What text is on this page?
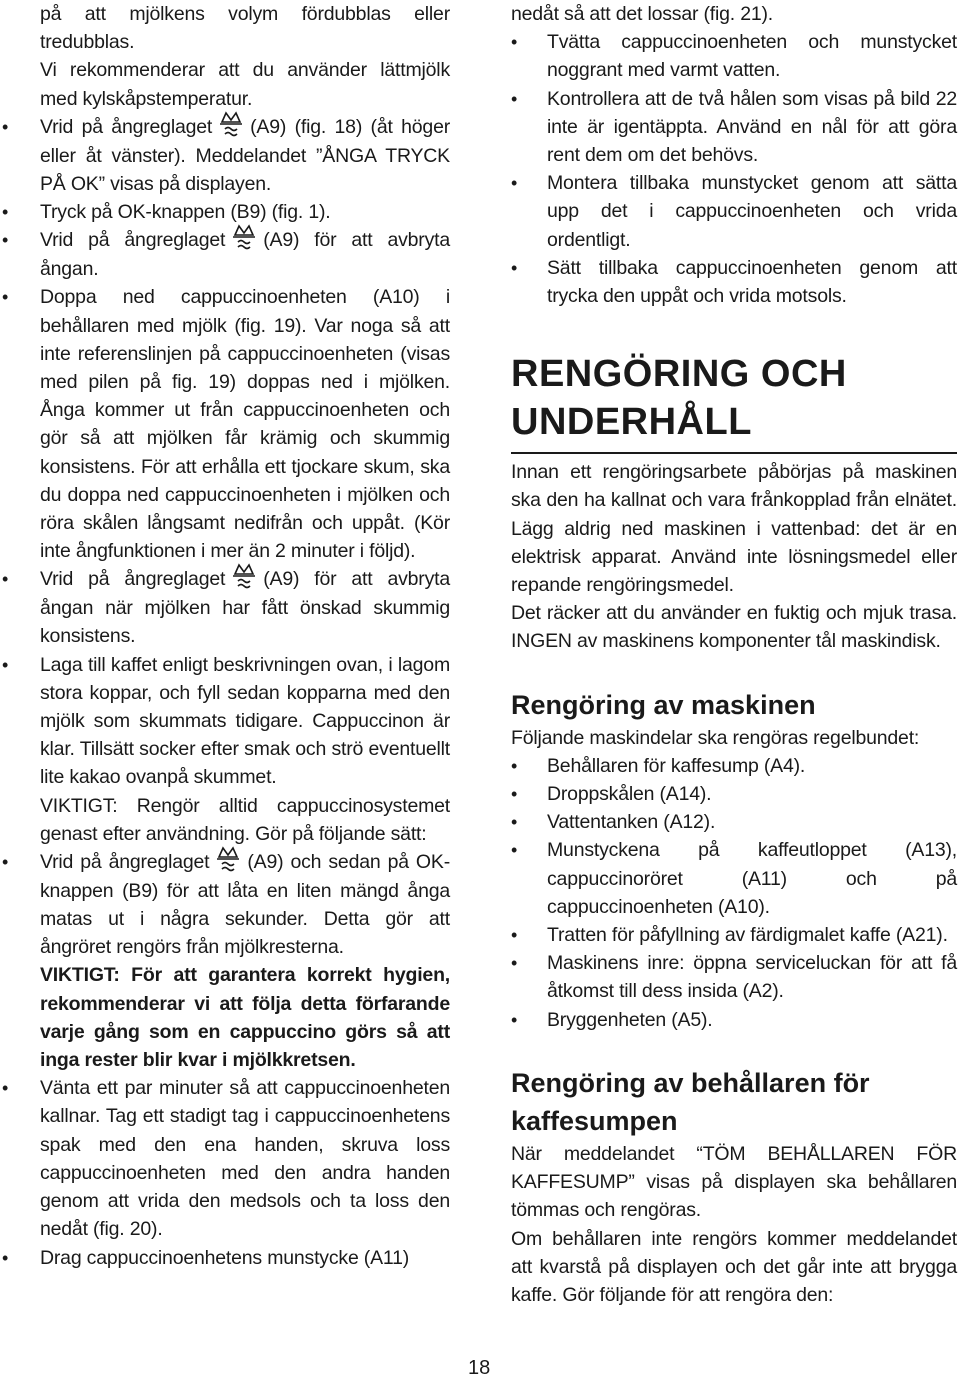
på att mjölkens volym fördubblas eller tredubblas.

Vi rekommenderar att du använder lättmjölk med kylskåpstemperatur.

• Vrid på ångreglaget (A9) (fig. 18) (åt höger eller åt vänster). Meddelandet ”ÅNGA TRYCK PÅ OK” visas på displayen.
• Tryck på OK-knappen (B9) (fig. 1).
• Vrid på ångreglaget (A9) för att avbryta ångan.
• Doppa ned cappuccinoenheten (A10) i behållaren med mjölk (fig. 19). Var noga så att inte referenslinjen på cappuccinoenheten (visas med pilen på fig. 19) doppas ned i mjölken. Ånga kommer ut från cappuccinoenheten och gör så att mjölken får krämig och skummig konsistens. För att erhålla ett tjockare skum, ska du doppa ned cappuccinoenheten i mjölken och röra skålen långsamt nedifrån och uppåt. (Kör inte ångfunktionen i mer än 2 minuter i följd).
• Vrid på ångreglaget (A9) för att avbryta ångan när mjölken har fått önskad skummig konsistens.
• Laga till kaffet enligt beskrivningen ovan, i lagom stora koppar, och fyll sedan kopparna med den mjölk som skummats tidigare. Cappuccinon är klar. Tillsätt socker efter smak och strö eventuellt lite kakao ovanpå skummet.

VIKTIGT: Rengör alltid cappuccinosystemet genast efter användning. Gör på följande sätt:

• Vrid på ångreglaget (A9) och sedan på OK-knappen (B9) för att låta en liten mängd ånga matas ut i några sekunder. Detta gör att ångröret rengörs från mjölkresterna.

VIKTIGT: För att garantera korrekt hygien, rekommenderar vi att följa detta förfarande varje gång som en cappuccino görs så att inga rester blir kvar i mjölkkretsen.

• Vänta ett par minuter så att cappuccinoenheten kallnar. Tag ett stadigt tag i cappuccinoenhetens spak med den ena handen, skruva loss cappuccinoenheten med den andra handen genom att vrida den medsols och ta loss den nedåt (fig. 20).
• Drag cappuccinoenhetens munstycke (A11)

nedåt så att det lossar (fig. 21).

• Tvätta cappuccinoenheten och munstycket noggrant med varmt vatten.
• Kontrollera att de två hålen som visas på bild 22 inte är igentäppta. Använd en nål för att göra rent dem om det behövs.
• Montera tillbaka munstycket genom att sätta upp det i cappuccinoenheten och vrida ordentligt.
• Sätt tillbaka cappuccinoenheten genom att trycka den uppåt och vrida motsols.
RENGÖRING OCH UNDERHÅLL

Innan ett rengöringsarbete påbörjas på maskinen ska den ha kallnat och vara frånkopplad från elnätet. Lägg aldrig ned maskinen i vattenbad: det är en elektrisk apparat. Använd inte lösningsmedel eller repande rengöringsmedel.

Det räcker att du använder en fuktig och mjuk trasa. INGEN av maskinens komponenter tål maskindisk.

Rengöring av maskinen

Följande maskindelar ska rengöras regelbundet:

• Behållaren för kaffesump (A4).
• Droppskålen (A14).
• Vattentanken (A12).
• Munstyckena på kaffeutloppet (A13), cappuccinoröret (A11) och på cappuccinoenheten (A10).
• Tratten för påfyllning av färdigmalet kaffe (A21).
• Maskinens inre: öppna serviceluckan för att få åtkomst till dess insida (A2).
• Bryggenheten (A5).
Rengöring av behållaren för kaffesumpen

När meddelandet “TÖM BEHÅLLAREN FÖR KAFFESUMP” visas på displayen ska behållaren tömmas och rengöras.

Om behållaren inte rengörs kommer meddelandet att kvarstå på displayen och det går inte att brygga kaffe. Gör följande för att rengöra den:

18
